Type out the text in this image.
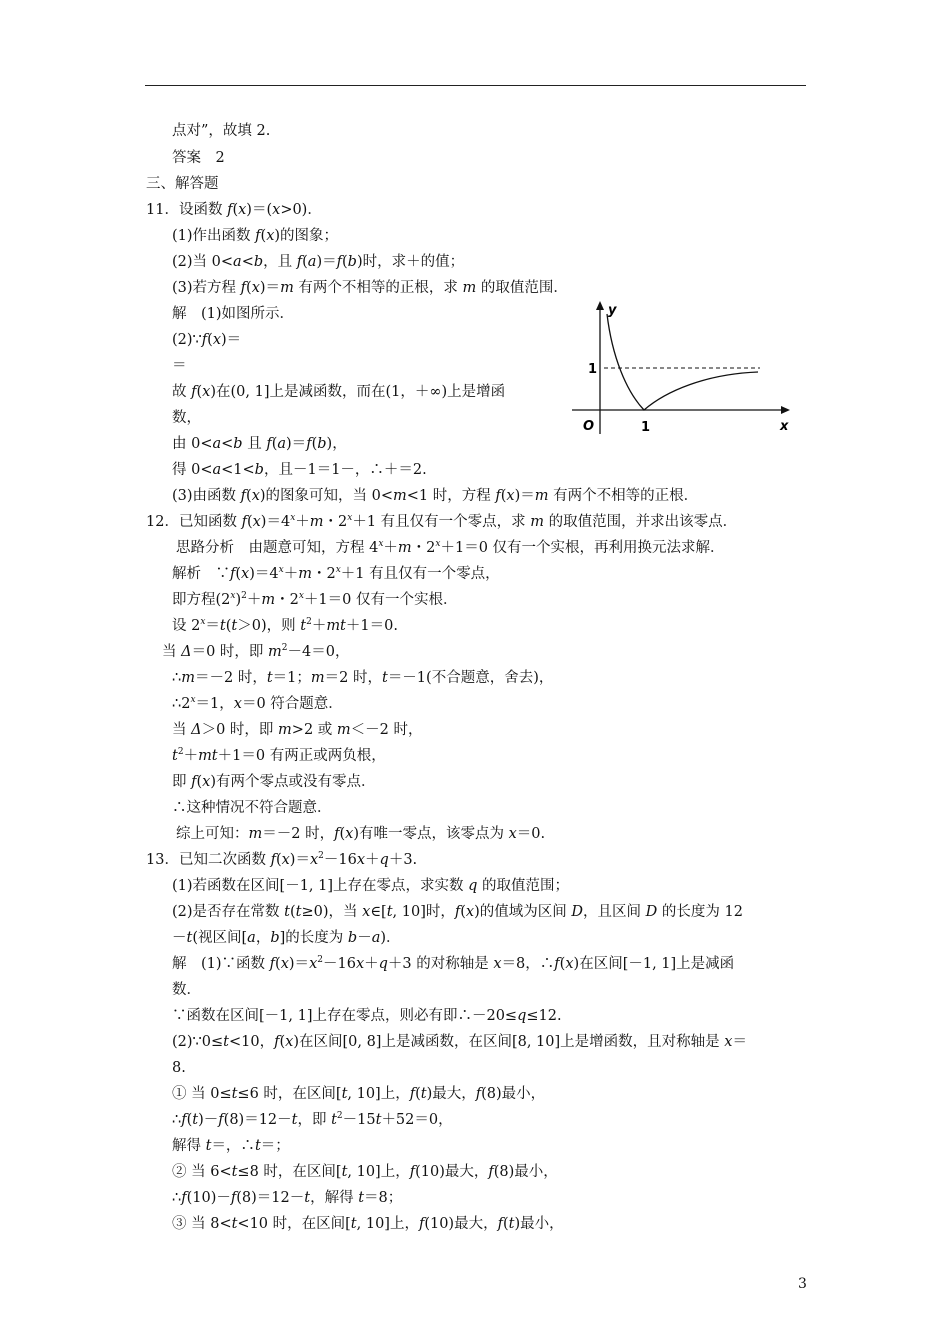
点对”，故填 2.
答案　2
三、解答题
11．设函数 f(x)＝(x>0)．
(1)作出函数 f(x)的图象；
(2)当 0<a<b，且 f(a)＝f(b)时，求＋的值；
(3)若方程 f(x)＝m 有两个不相等的正根，求 m 的取值范围．
解　(1)如图所示．
(2)∵f(x)＝
＝
故 f(x)在(0, 1]上是减函数，而在(1，＋∞)上是增函
数，
由 0<a<b 且 f(a)＝f(b)，
得 0<a<1<b，且－1＝1－，∴＋＝2.
(3)由函数 f(x)的图象可知，当 0<m<1 时，方程 f(x)＝m 有两个不相等的正根．
12．已知函数 $f(x)=4^x+m$・$2^x+1$ 有且仅有一个零点，求 m 的取值范围，并求出该零点．
思路分析　由题意可知，方程 $4^x+m$・$2^x+1=0$ 仅有一个实根，再利用换元法求解．
解析　$\because f(x)=4^x+m$・$2^x+1$ 有且仅有一个零点，
即方程$(2^x)^2+m$・$2^x+1=0$ 仅有一个实根．
设 $2^x=t(t>0)$，则 $t^2+mt+1=0$.
当 Δ＝0 时，即 $m^2-4=0$，
∴m＝－2 时，t＝1；m＝2 时，t＝－1(不合题意，舍去)，
$\therefore 2^x=1$，x＝0 符合题意．
当 Δ＞0 时，即 m>2 或 m＜－2 时，
$t^2+mt+1=0$ 有两正或两负根，
即 f(x)有两个零点或没有零点．
∴这种情况不符合题意．
综上可知：m＝－2 时，f(x)有唯一零点，该零点为 x＝0.
13．已知二次函数 $f(x)=x^2-16x+q+3$.
(1)若函数在区间[－1, 1]上存在零点，求实数 q 的取值范围；
(2)是否存在常数 t(t≥0)，当 x∈[t, 10]时，f(x)的值域为区间 D，且区间 D 的长度为 12
－t(视区间[a，b]的长度为 b－a)．
解　(1)∵函数 $f(x)=x^2-16x+q+3$ 的对称轴是 x＝8，∴f(x)在区间[－1, 1]上是减函
数．
∵函数在区间[－1, 1]上存在零点，则必有即∴－20≤q≤12.
(2)∵0≤t<10，f(x)在区间[0, 8]上是减函数，在区间[8, 10]上是增函数，且对称轴是 x＝
8.
① 当 0≤t≤6 时，在区间[t, 10]上，f(t)最大，f(8)最小，
∴f(t)－f(8)＝12－t，即 $t^2-15t+52=0$，
解得 t＝，∴t＝；
② 当 6<t≤8 时，在区间[t, 10]上，f(10)最大，f(8)最小，
∴f(10)－f(8)＝12－t，解得 t＝8；
③ 当 8<t<10 时，在区间[t, 10]上，f(10)最大，f(t)最小，
y
x
O	1
1
3
